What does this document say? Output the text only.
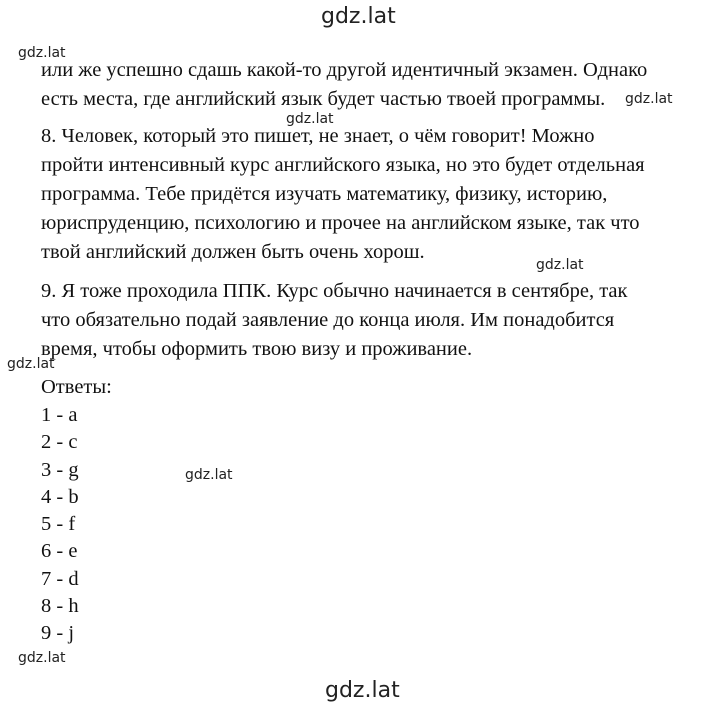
gdz.lat
gdz.lat
gdz.lat
gdz.lat
gdz.lat
gdz.lat
gdz.lat
gdz.lat
gdz.lat
или же успешно сдашь какой-то другой идентичный экзамен. Однако
есть места, где английский язык будет частью твоей программы.
8. Человек, который это пишет, не знает, о чём говорит! Можно
пройти интенсивный курс английского языка, но это будет отдельная
программа. Тебе придётся изучать математику, физику, историю,
юриспруденцию, психологию и прочее на английском языке, так что
твой английский должен быть очень хорош.
9. Я тоже проходила ППК. Курс обычно начинается в сентябре, так
что обязательно подай заявление до конца июля. Им понадобится
время, чтобы оформить твою визу и проживание.
Ответы:
1 - a
2 - c
3 - g
4 - b
5 - f
6 - e
7 - d
8 - h
9 - j
